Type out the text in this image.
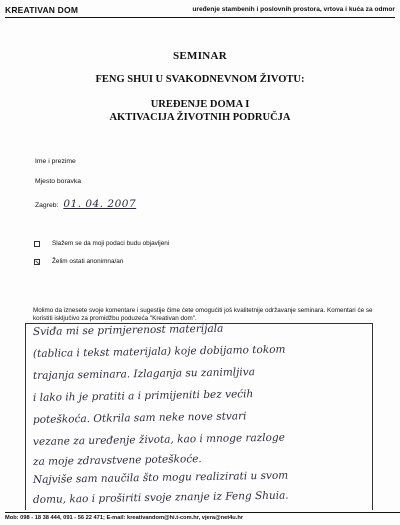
KREATIVAN DOM	uređenje stambenih i poslovnih prostora, vrtova i kuća za odmor
SEMINAR
FENG SHUI U SVAKODNEVNOM ŽIVOTU:
UREĐENJE DOMA I
AKTIVACIJA ŽIVOTNIH PODRUČJA
Ime i prezime
Mjesto boravka
Zagreb: 01. 04. 2007
Slažem se da moji podaci budu objavljeni
Želim ostati anonimna/an
Molimo da iznesete svoje komentare i sugestije čime ćete omogućiti još kvalitetnije održavanje seminara. Komentari će se koristiti isključivo za promidžbu poduzeća "Kreativan dom".
Sviđa mi se primjerenost materijala
(tablica i tekst materijala) koje dobijamo tokom
trajanja seminara. Izlaganja su zanimljiva
i lako ih je pratiti a i primijeniti bez većih
poteškoća. Otkrila sam neke nove stvari
vezane za uređenje života, kao i mnoge razloge
za moje zdravstvene poteškoće.
Najviše sam naučila što mogu realizirati u svom
domu, kao i proširiti svoje znanje iz Feng Shuia.
Mob: 098 - 18 38 444, 091 - 56 22 471; E-mail: kreativandom@hi.t-com.hr, vjera@net4u.hr
